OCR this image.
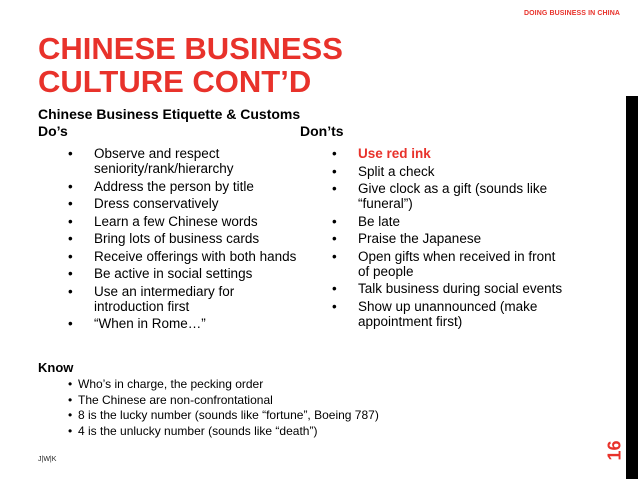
DOING BUSINESS IN CHINA
CHINESE BUSINESS
CULTURE CONT’D
Chinese Business Etiquette & Customs
Do’s	Don’ts
• Observe and respect seniority/rank/hierarchy
• Address the person by title
• Dress conservatively
• Learn a few Chinese words
• Bring lots of business cards
• Receive offerings with both hands
• Be active in social settings
• Use an intermediary for introduction first
• “When in Rome…”
• Use red ink
• Split a check
• Give clock as a gift (sounds like “funeral”)
• Be late
• Praise the Japanese
• Open gifts when received in front of people
• Talk business during social events
• Show up unannounced (make appointment first)
Know
• Who’s in charge, the pecking order
• The Chinese are non-confrontational
• 8 is the lucky number (sounds like “fortune”, Boeing 787)
• 4 is the unlucky number (sounds like “death”)
J|W|K	16
